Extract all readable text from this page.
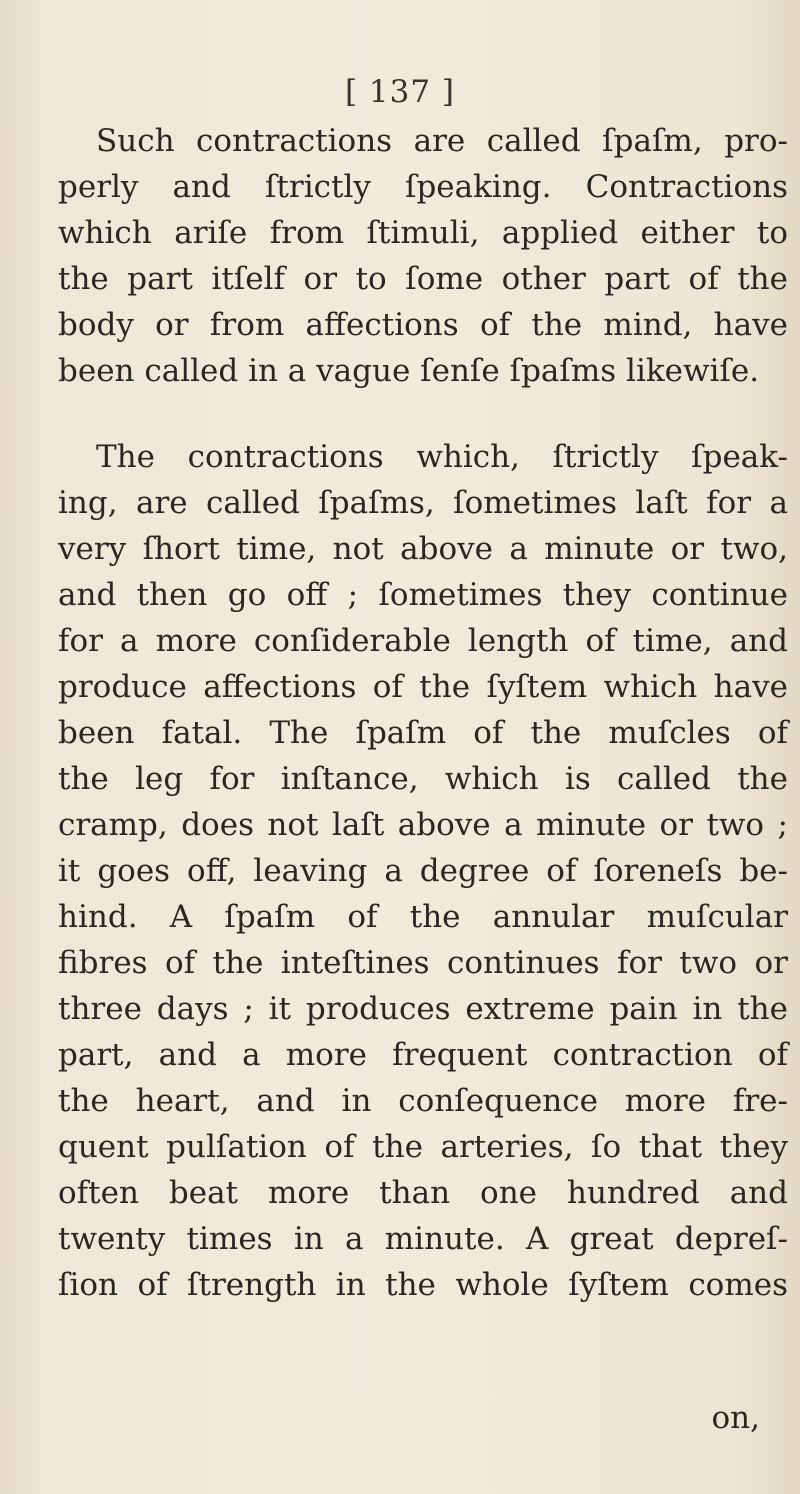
[ 137 ]
Such contractions are called ſpaſm, pro-
perly and ſtrictly ſpeaking. Contractions
which ariſe from ſtimuli, applied either to
the part itſelf or to ſome other part of the
body or from affections of the mind, have
been called in a vague ſenſe ſpaſms likewiſe.
The contractions which, ſtrictly ſpeak-
ing, are called ſpaſms, ſometimes laſt for a
very ſhort time, not above a minute or two,
and then go off ; ſometimes they continue
for a more conſiderable length of time, and
produce affections of the ſyſtem which have
been fatal. The ſpaſm of the muſcles of
the leg for inſtance, which is called the
cramp, does not laſt above a minute or two ;
it goes off, leaving a degree of ſoreneſs be-
hind. A ſpaſm of the annular muſcular
fibres of the inteſtines continues for two or
three days ; it produces extreme pain in the
part, and a more frequent contraction of
the heart, and in conſequence more fre-
quent pulſation of the arteries, ſo that they
often beat more than one hundred and
twenty times in a minute. A great depreſ-
ſion of ſtrength in the whole ſyſtem comes
on,
